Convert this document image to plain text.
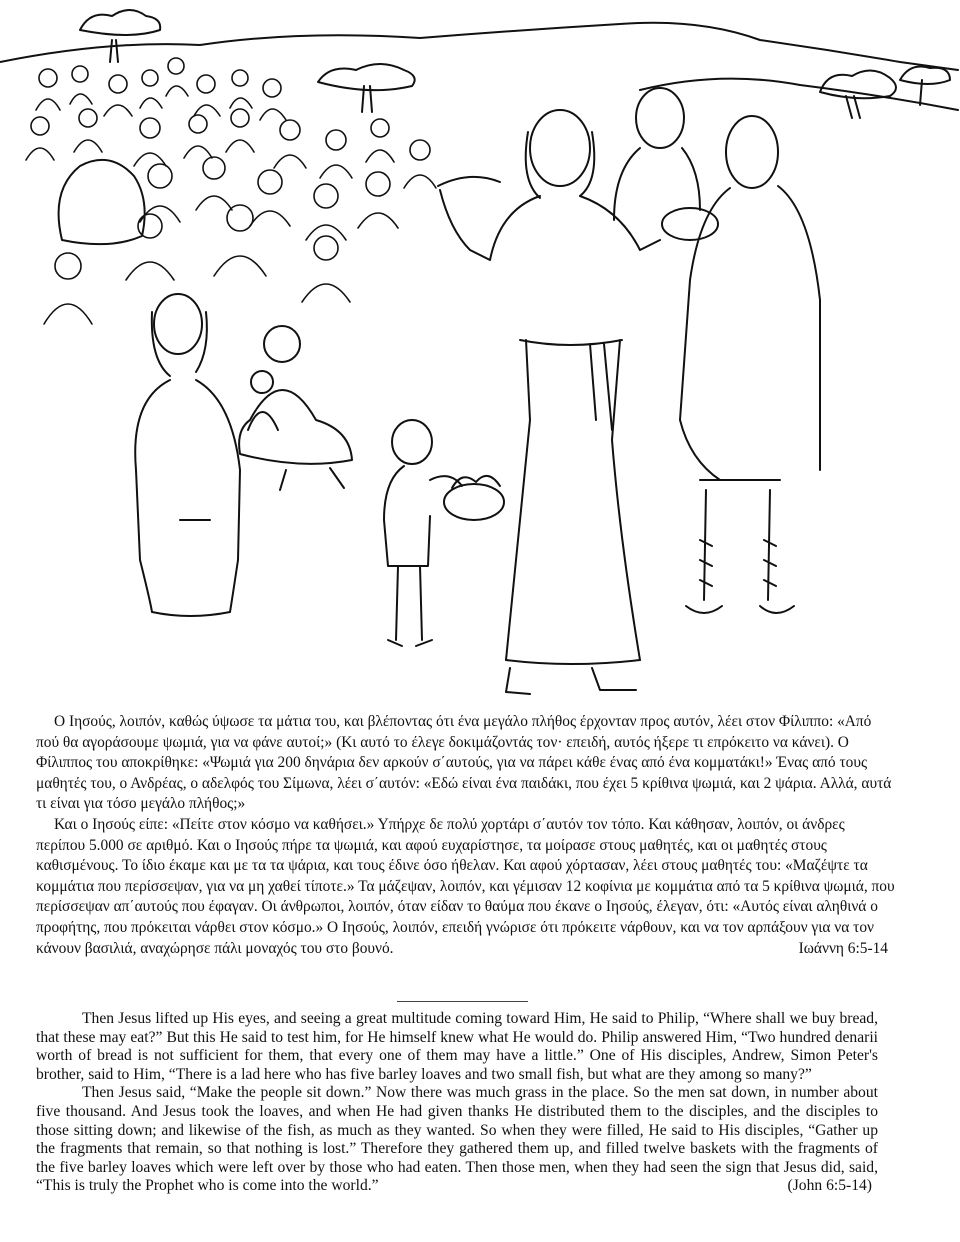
Ο Ιησούς, λοιπόν, καθώς ύψωσε τα μάτια του, και βλέποντας ότι ένα μεγάλο πλήθος έρχονταν προς αυτόν, λέει στον Φίλιππο: «Από πού θα αγοράσουμε ψωμιά, για να φάνε αυτοί;» (Κι αυτό το έλεγε δοκιμάζοντάς τον· επειδή, αυτός ήξερε τι επρόκειτο να κάνει). Ο Φίλιππος του αποκρίθηκε: «Ψωμιά για 200 δηνάρια δεν αρκούν σ΄αυτούς, για να πάρει κάθε ένας από ένα κομματάκι!» Ένας από τους μαθητές του, ο Ανδρέας, ο αδελφός του Σίμωνα, λέει σ΄αυτόν: «Εδώ είναι ένα παιδάκι, που έχει 5 κρίθινα ψωμιά, και 2 ψάρια. Αλλά, αυτά τι είναι για τόσο μεγάλο πλήθος;»

Και ο Ιησούς είπε: «Πείτε στον κόσμο να καθήσει.» Υπήρχε δε πολύ χορτάρι σ΄αυτόν τον τόπο. Και κάθησαν, λοιπόν, οι άνδρες περίπου 5.000 σε αριθμό. Και ο Ιησούς πήρε τα ψωμιά, και αφού ευχαρίστησε, τα μοίρασε στους μαθητές, και οι μαθητές στους καθισμένους. Το ίδιο έκαμε και με τα τα ψάρια, και τους έδινε όσο ήθελαν. Και αφού χόρτασαν, λέει στους μαθητές του: «Μαζέψτε τα κομμάτια που περίσσεψαν, για να μη χαθεί τίποτε.» Τα μάζεψαν, λοιπόν, και γέμισαν 12 κοφίνια με κομμάτια από τα 5 κρίθινα ψωμιά, που περίσσεψαν απ΄αυτούς που έφαγαν. Οι άνθρωποι, λοιπόν, όταν είδαν το θαύμα που έκανε ο Ιησούς, έλεγαν, ότι: «Αυτός είναι αληθινά ο προφήτης, που πρόκειται νάρθει στον κόσμο.» Ο Ιησούς, λοιπόν, επειδή γνώρισε ότι πρόκειτε νάρθουν, και να τον αρπάξουν για να τον κάνουν βασιλιά, αναχώρησε πάλι μοναχός του στο βουνό.	Ιωάννη 6:5-14

Then Jesus lifted up His eyes, and seeing a great multitude coming toward Him, He said to Philip, “Where shall we buy bread, that these may eat?” But this He said to test him, for He himself knew what He would do. Philip answered Him, “Two hundred denarii worth of bread is not sufficient for them, that every one of them may have a little.” One of His disciples, Andrew, Simon Peter's brother, said to Him, “There is a lad here who has five barley loaves and two small fish, but what are they among so many?”

Then Jesus said, “Make the people sit down.” Now there was much grass in the place. So the men sat down, in number about five thousand. And Jesus took the loaves, and when He had given thanks He distributed them to the disciples, and the disciples to those sitting down; and likewise of the fish, as much as they wanted. So when they were filled, He said to His disciples, “Gather up the fragments that remain, so that nothing is lost.” Therefore they gathered them up, and filled twelve baskets with the fragments of the five barley loaves which were left over by those who had eaten. Then those men, when they had seen the sign that Jesus did, said, “This is truly the Prophet who is come into the world.”	(John 6:5-14)
